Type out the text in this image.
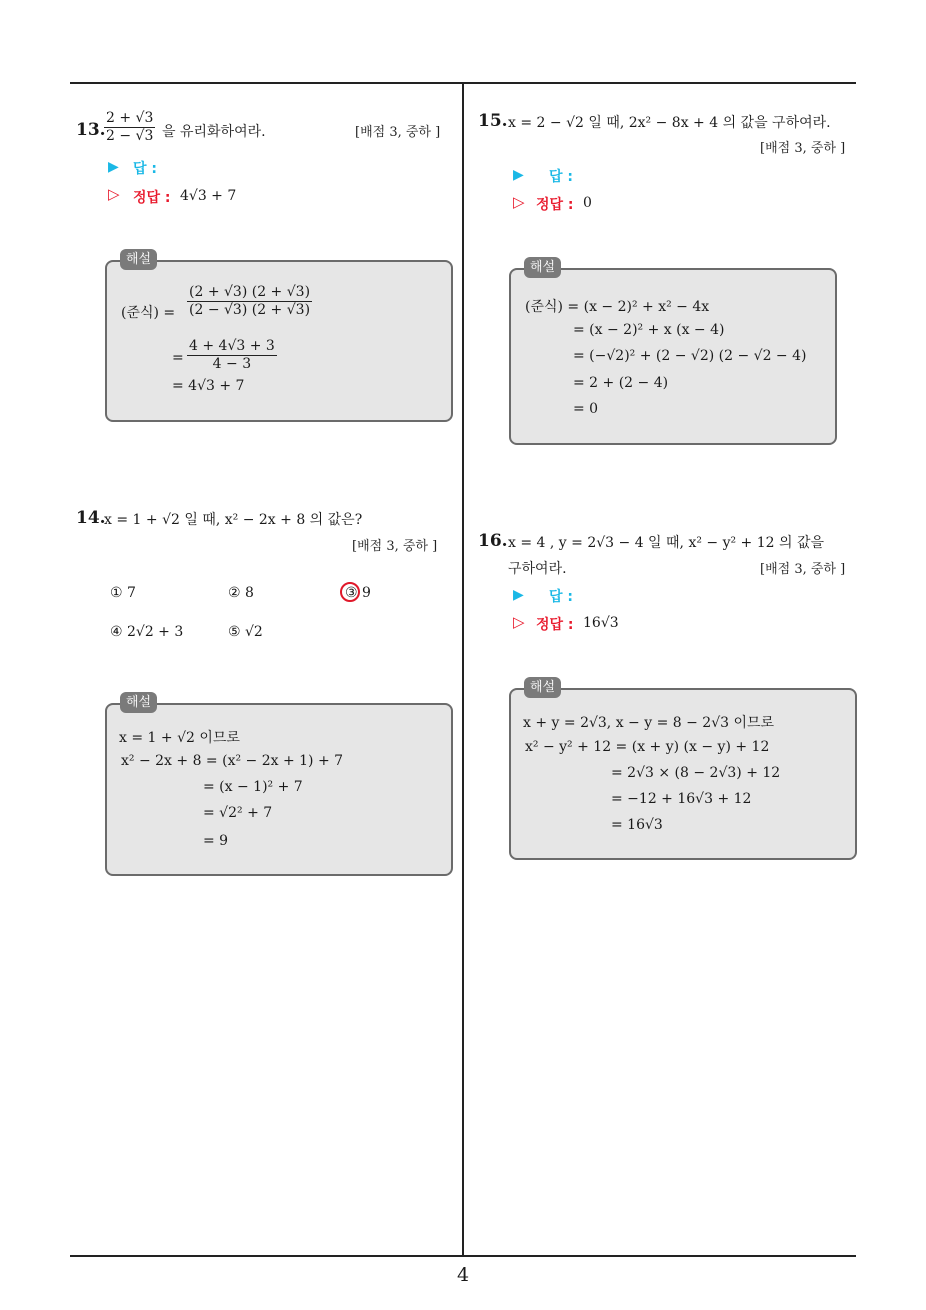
13.
$\frac{2 + √3}{2 - √3}$ 을 유리화하여라.	[배점 3, 중하 ]
▶ 답 :
▷ 정답 : 4√3 + 7
(준식) = $\frac{(2 + √3) (2 + √3)}{(2 - √3) (2 + √3)}$
= $\frac{4 + 4√3 + 3}{4 - 3}$
= 4√3 + 7
해설
14.
x = 1 + √2 일 때, x² − 2x + 8 의 값은?
[배점 3, 중하 ]
① 7	② 8	③ 9
④ 2√2 + 3	⑤ √2
x = 1 + √2 이므로
x² − 2x + 8 = (x² − 2x + 1) + 7
= (x − 1)² + 7
= √2² + 7
= 9
해설
15. x = 2 − √2 일 때, 2x² − 8x + 4 의 값을 구하여라.
[배점 3, 중하 ]
▶ 답 :
▷ 정답 : 0
(준식) = (x − 2)² + x² − 4x
= (x − 2)² + x (x − 4)
= (−√2)² + (2 − √2) (2 − √2 − 4)
= 2 + (2 − 4)
= 0
해설
16. x = 4 , y = 2√3 − 4 일 때, x² − y² + 12 의 값을
구하여라.	[배점 3, 중하 ]
▶ 답 :
▷ 정답 : 16√3
x + y = 2√3, x − y = 8 − 2√3 이므로
x² − y² + 12 = (x + y) (x − y) + 12
= 2√3 × (8 − 2√3) + 12
= −12 + 16√3 + 12
= 16√3
해설
4
